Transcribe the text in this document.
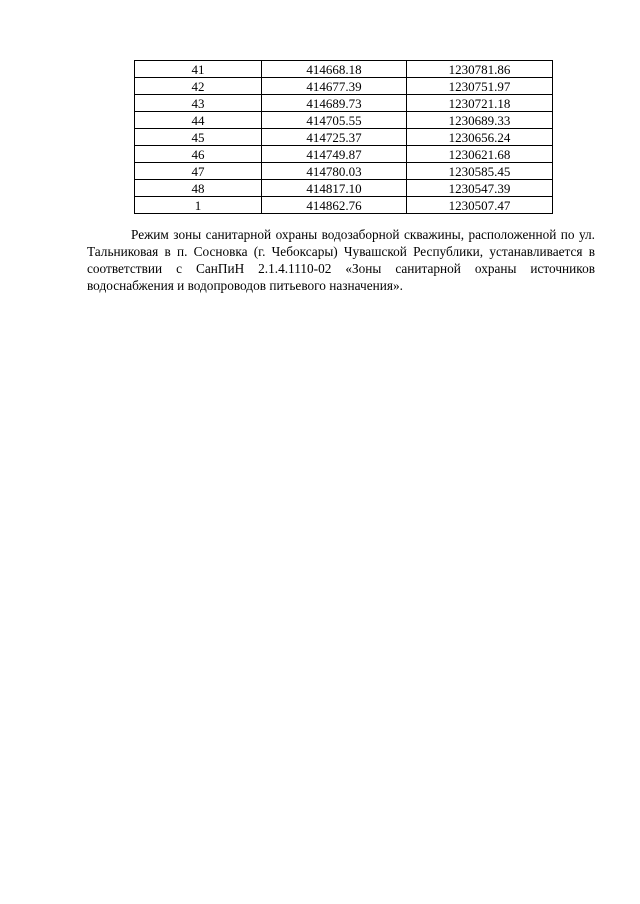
41	414668.18	1230781.86
42	414677.39	1230751.97
43	414689.73	1230721.18
44	414705.55	1230689.33
45	414725.37	1230656.24
46	414749.87	1230621.68
47	414780.03	1230585.45
48	414817.10	1230547.39
1	414862.76	1230507.47

Режим зоны санитарной охраны водозаборной скважины, расположенной по ул. Тальниковая в п. Сосновка (г. Чебоксары) Чувашской Республики, устанавливается в соответствии с СанПиН 2.1.4.1110-02 «Зоны санитарной охраны источников водоснабжения и водопроводов питьевого назначения».
